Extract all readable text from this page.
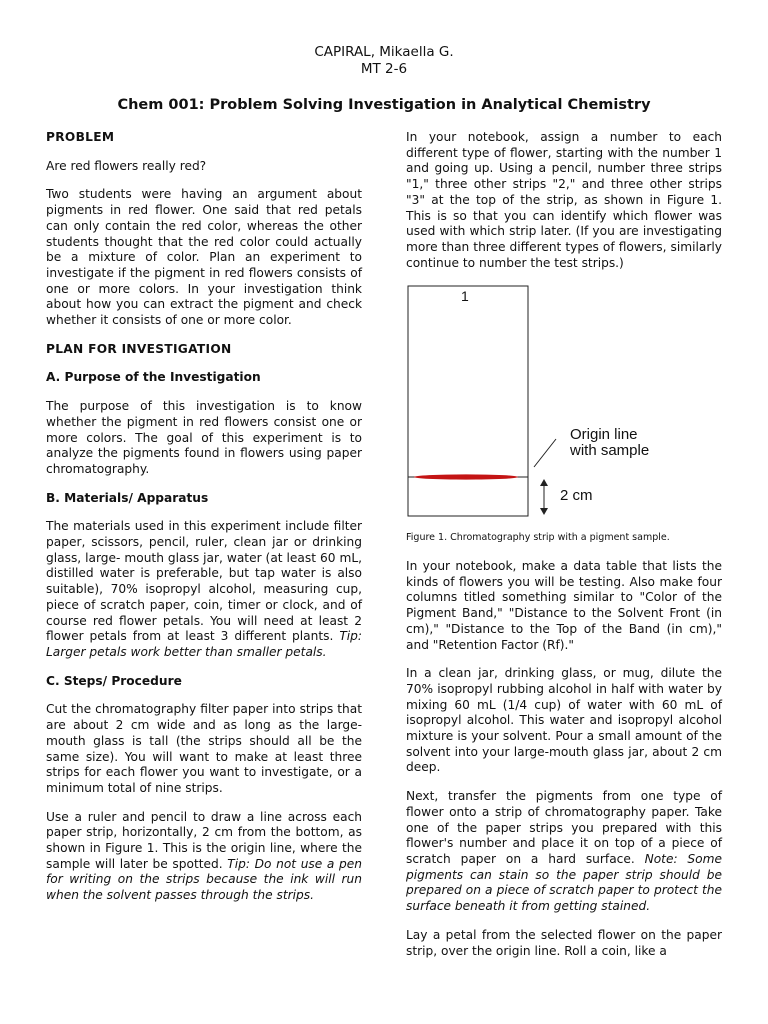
CAPIRAL, Mikaella G.
MT 2-6
Chem 001: Problem Solving Investigation in Analytical Chemistry
PROBLEM

Are red flowers really red?

Two students were having an argument about pigments in red flower. One said that red petals can only contain the red color, whereas the other students thought that the red color could actually be a mixture of color. Plan an experiment to investigate if the pigment in red flowers consists of one or more colors. In your investigation think about how you can extract the pigment and check whether it consists of one or more color.

PLAN FOR INVESTIGATION
A. Purpose of the Investigation

The purpose of this investigation is to know whether the pigment in red flowers consist one or more colors. The goal of this experiment is to analyze the pigments found in flowers using paper chromatography.

B. Materials/ Apparatus

The materials used in this experiment include filter paper, scissors, pencil, ruler, clean jar or drinking glass, large- mouth glass jar, water (at least 60 mL, distilled water is preferable, but tap water is also suitable), 70% isopropyl alcohol, measuring cup, piece of scratch paper, coin, timer or clock, and of course red flower petals. You will need at least 2 flower petals from at least 3 different plants. Tip: Larger petals work better than smaller petals.

C. Steps/ Procedure

Cut the chromatography filter paper into strips that are about 2 cm wide and as long as the large-mouth glass is tall (the strips should all be the same size). You will want to make at least three strips for each flower you want to investigate, or a minimum total of nine strips.

Use a ruler and pencil to draw a line across each paper strip, horizontally, 2 cm from the bottom, as shown in Figure 1. This is the origin line, where the sample will later be spotted. Tip: Do not use a pen for writing on the strips because the ink will run when the solvent passes through the strips.

In your notebook, assign a number to each different type of flower, starting with the number 1 and going up. Using a pencil, number three strips "1," three other strips "2," and three other strips "3" at the top of the strip, as shown in Figure 1. This is so that you can identify which flower was used with which strip later. (If you are investigating more than three different types of flowers, similarly continue to number the test strips.)

1
Origin line
with sample
2 cm

Figure 1. Chromatography strip with a pigment sample.

In your notebook, make a data table that lists the kinds of flowers you will be testing. Also make four columns titled something similar to "Color of the Pigment Band," "Distance to the Solvent Front (in cm)," "Distance to the Top of the Band (in cm)," and "Retention Factor (Rf)."

In a clean jar, drinking glass, or mug, dilute the 70% isopropyl rubbing alcohol in half with water by mixing 60 mL (1/4 cup) of water with 60 mL of isopropyl alcohol. This water and isopropyl alcohol mixture is your solvent. Pour a small amount of the solvent into your large-mouth glass jar, about 2 cm deep.

Next, transfer the pigments from one type of flower onto a strip of chromatography paper. Take one of the paper strips you prepared with this flower's number and place it on top of a piece of scratch paper on a hard surface. Note: Some pigments can stain so the paper strip should be prepared on a piece of scratch paper to protect the surface beneath it from getting stained.

Lay a petal from the selected flower on the paper strip, over the origin line. Roll a coin, like a
